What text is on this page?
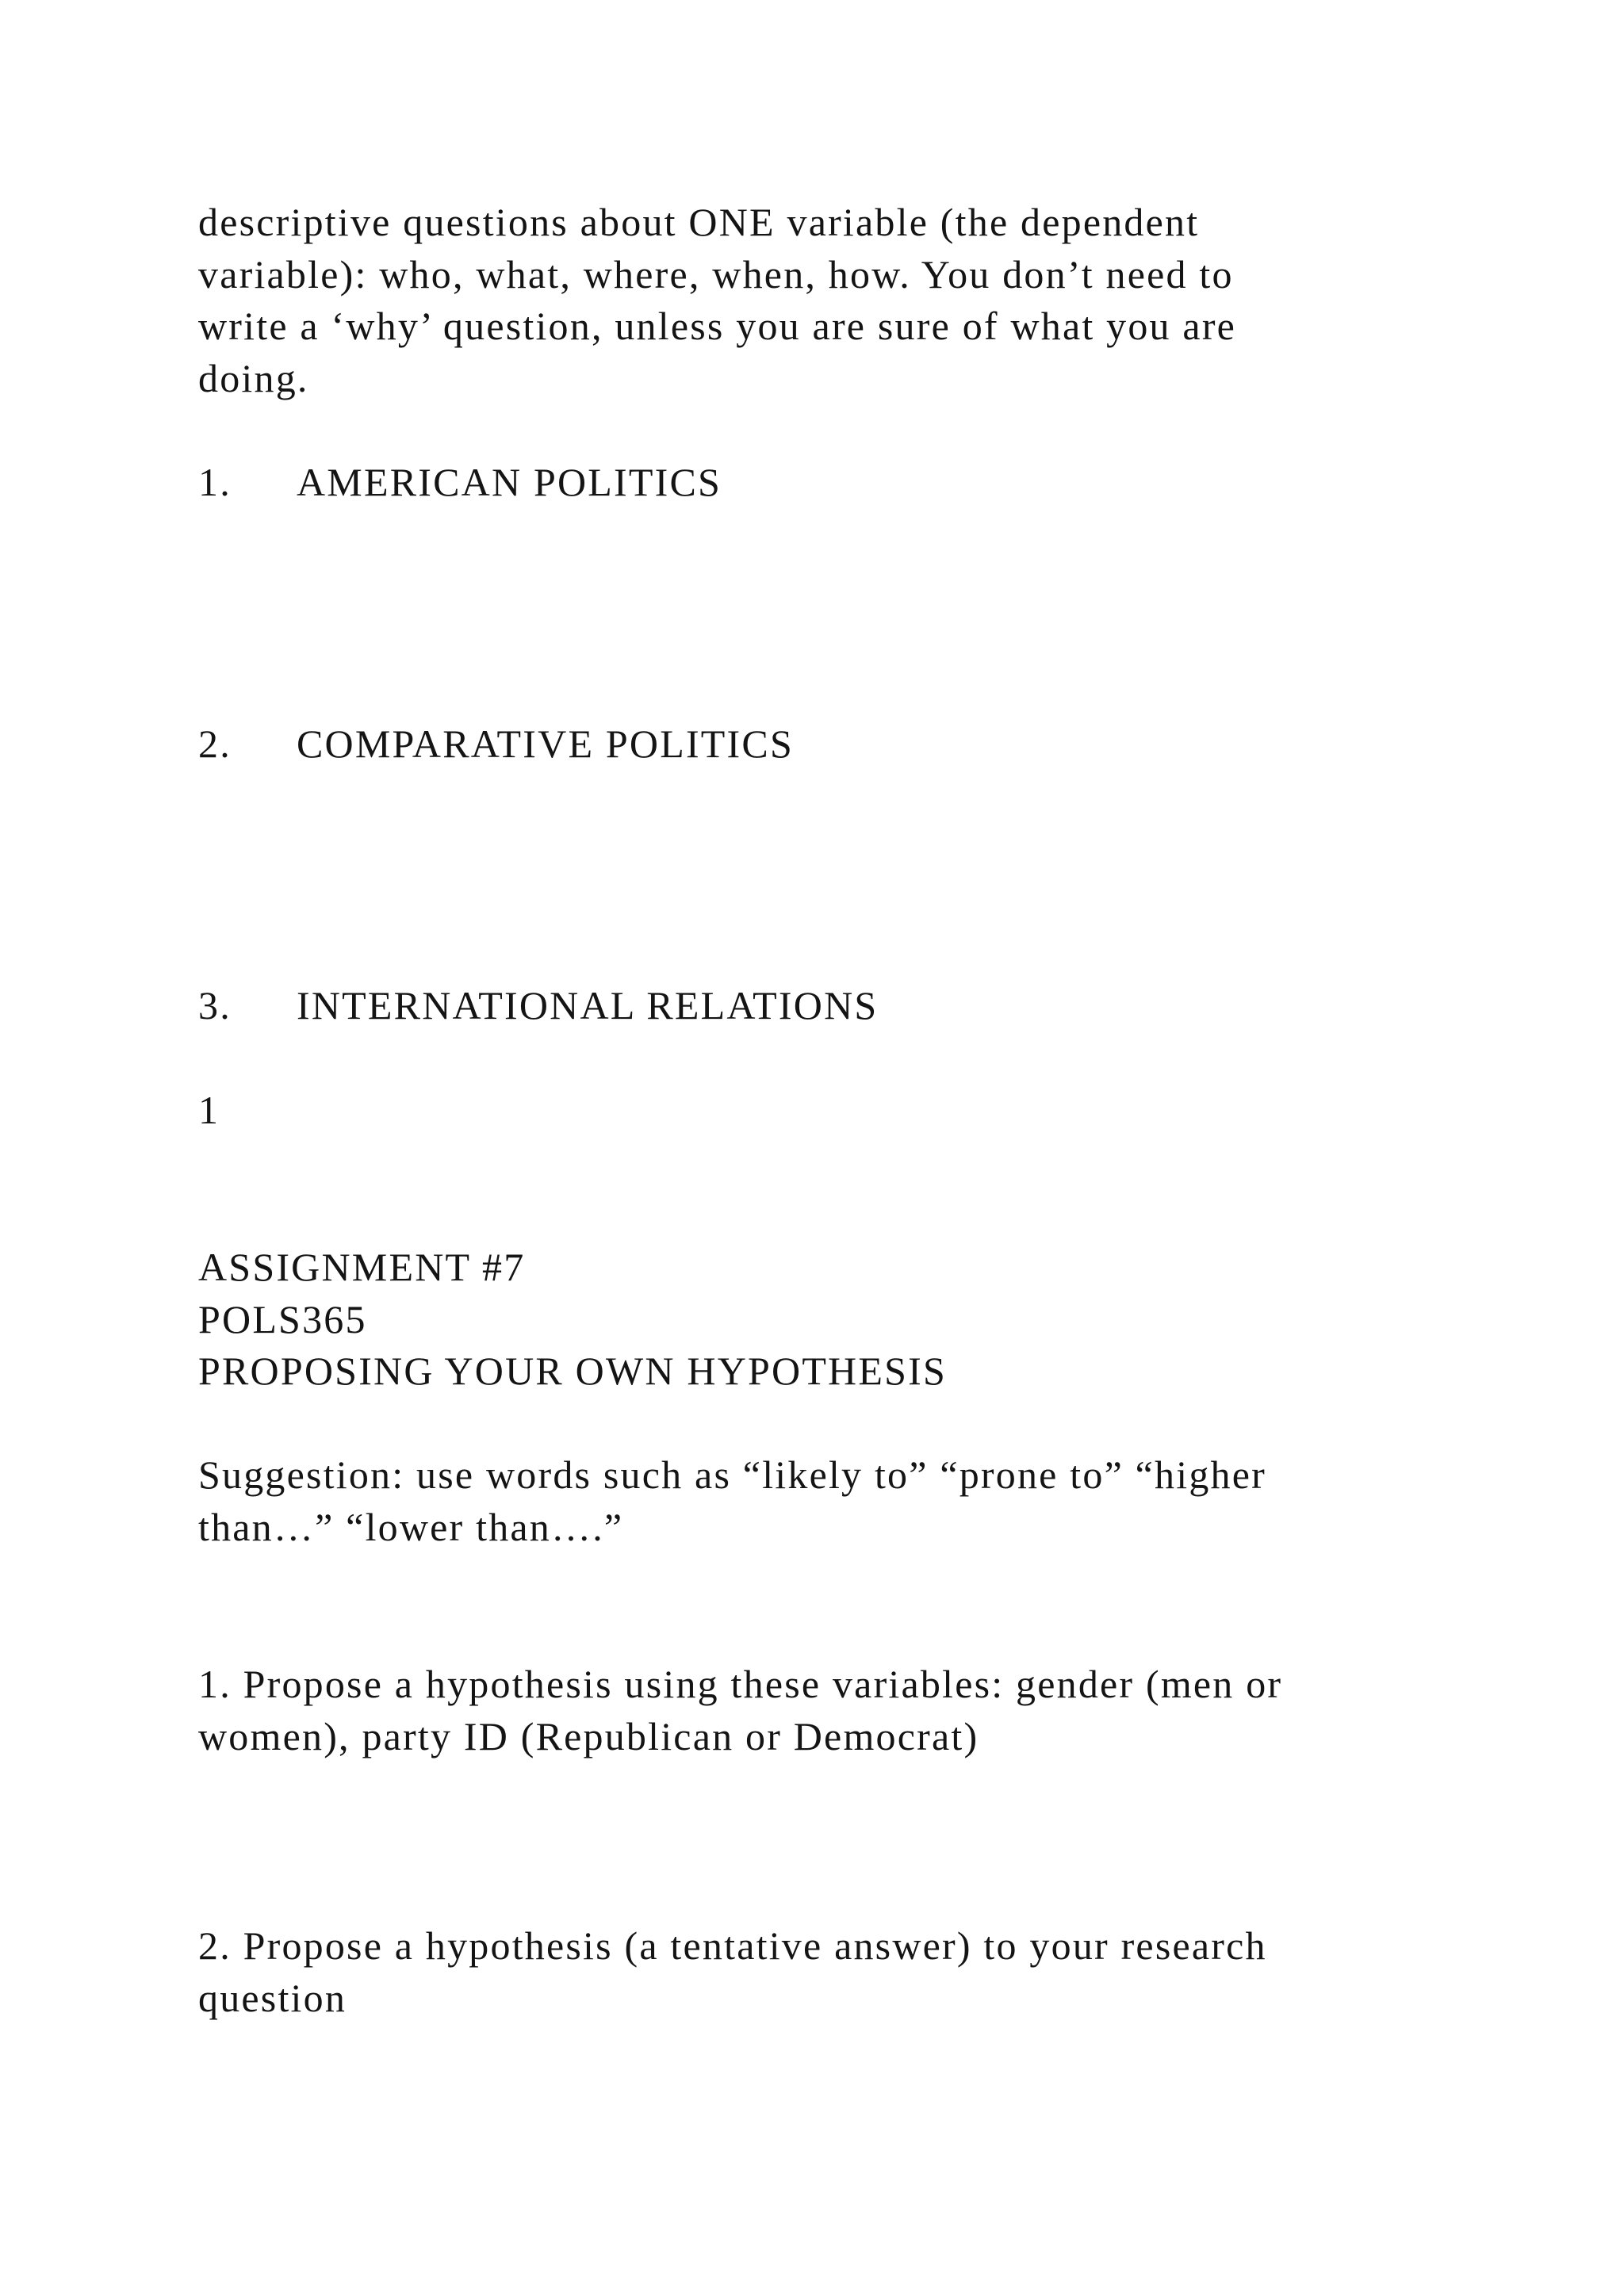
descriptive questions about ONE variable (the dependent
variable): who, what, where, when, how. You don’t need to
write a ‘why’ question, unless you are sure of what you are
doing.
1. AMERICAN POLITICS
2. COMPARATIVE POLITICS
3. INTERNATIONAL RELATIONS
1
ASSIGNMENT #7
POLS365
PROPOSING YOUR OWN HYPOTHESIS
Suggestion: use words such as “likely to” “prone to” “higher
than…” “lower than….”
1. Propose a hypothesis using these variables: gender (men or
women), party ID (Republican or Democrat)
2. Propose a hypothesis (a tentative answer) to your research
question
